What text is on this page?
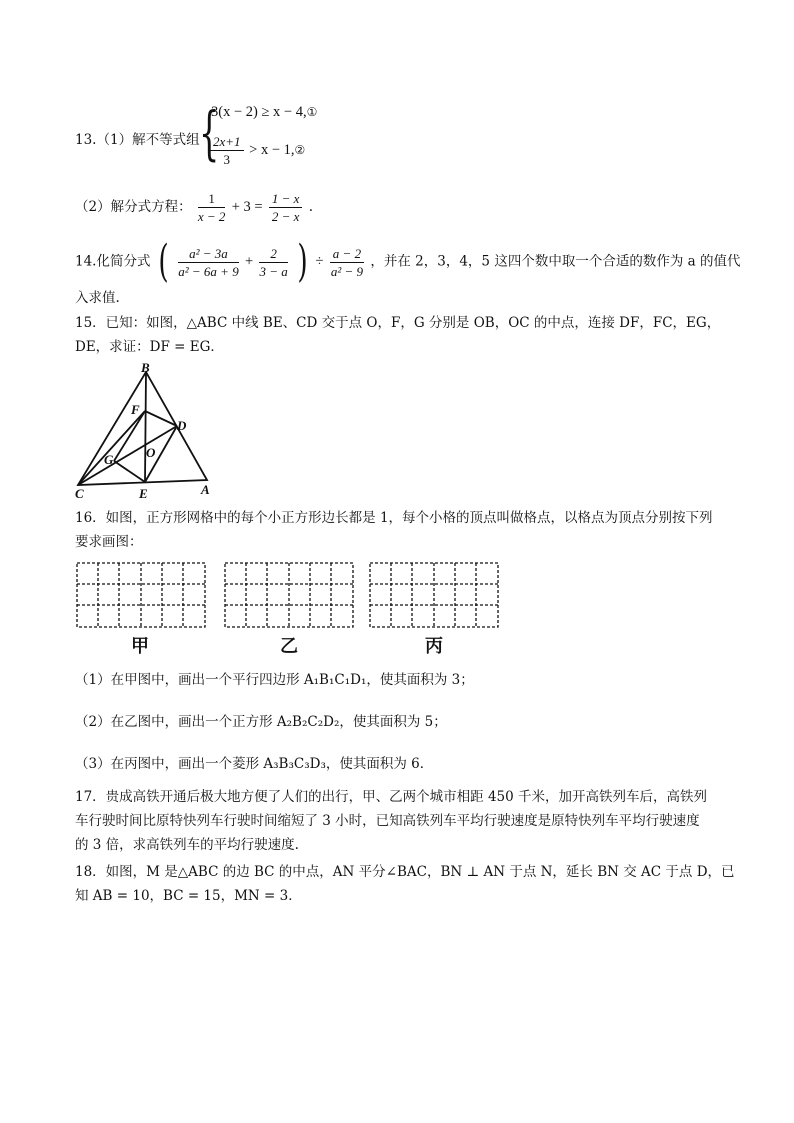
13.（1）解不等式组 {
3(x − 2) ≥ x − 4,①
$\frac{2x+1}{3} > x$ − 1,②
（2）解分式方程： $\frac{1}{x - 2} + 3 = \frac{1 - x}{2 - x}$ .
14.化简分式 ( $\frac{\text{a² − 3a}}{\text{a² − 6a + 9}} + \frac{2}{3 - a}$ ) ÷ $\frac{a - 2}{\text{a² − 9}}$ ，并在 2，3，4，5 这四个数中取一个合适的数作为 a 的值代
入求值.
15．已知：如图，△ABC 中线 BE、CD 交于点 O，F，G 分别是 OB，OC 的中点，连接 DF，FC，EG，
DE，求证：DF = EG．
B
F
D
O
G
C	E	A
16．如图，正方形网格中的每个小正方形边长都是 1，每个小格的顶点叫做格点，以格点为顶点分别按下列
要求画图：
甲	乙	丙
（1）在甲图中，画出一个平行四边形 A₁B₁C₁D₁，使其面积为 3；
（2）在乙图中，画出一个正方形 A₂B₂C₂D₂，使其面积为 5；
（3）在丙图中，画出一个菱形 A₃B₃C₃D₃，使其面积为 6．
17．贵成高铁开通后极大地方便了人们的出行，甲、乙两个城市相距 450 千米，加开高铁列车后，高铁列
车行驶时间比原特快列车行驶时间缩短了 3 小时，已知高铁列车平均行驶速度是原特快列车平均行驶速度
的 3 倍，求高铁列车的平均行驶速度.
18．如图，M 是△ABC 的边 BC 的中点，AN 平分∠BAC，BN ⊥ AN 于点 N，延长 BN 交 AC 于点 D，已
知 AB = 10，BC = 15，MN = 3．
